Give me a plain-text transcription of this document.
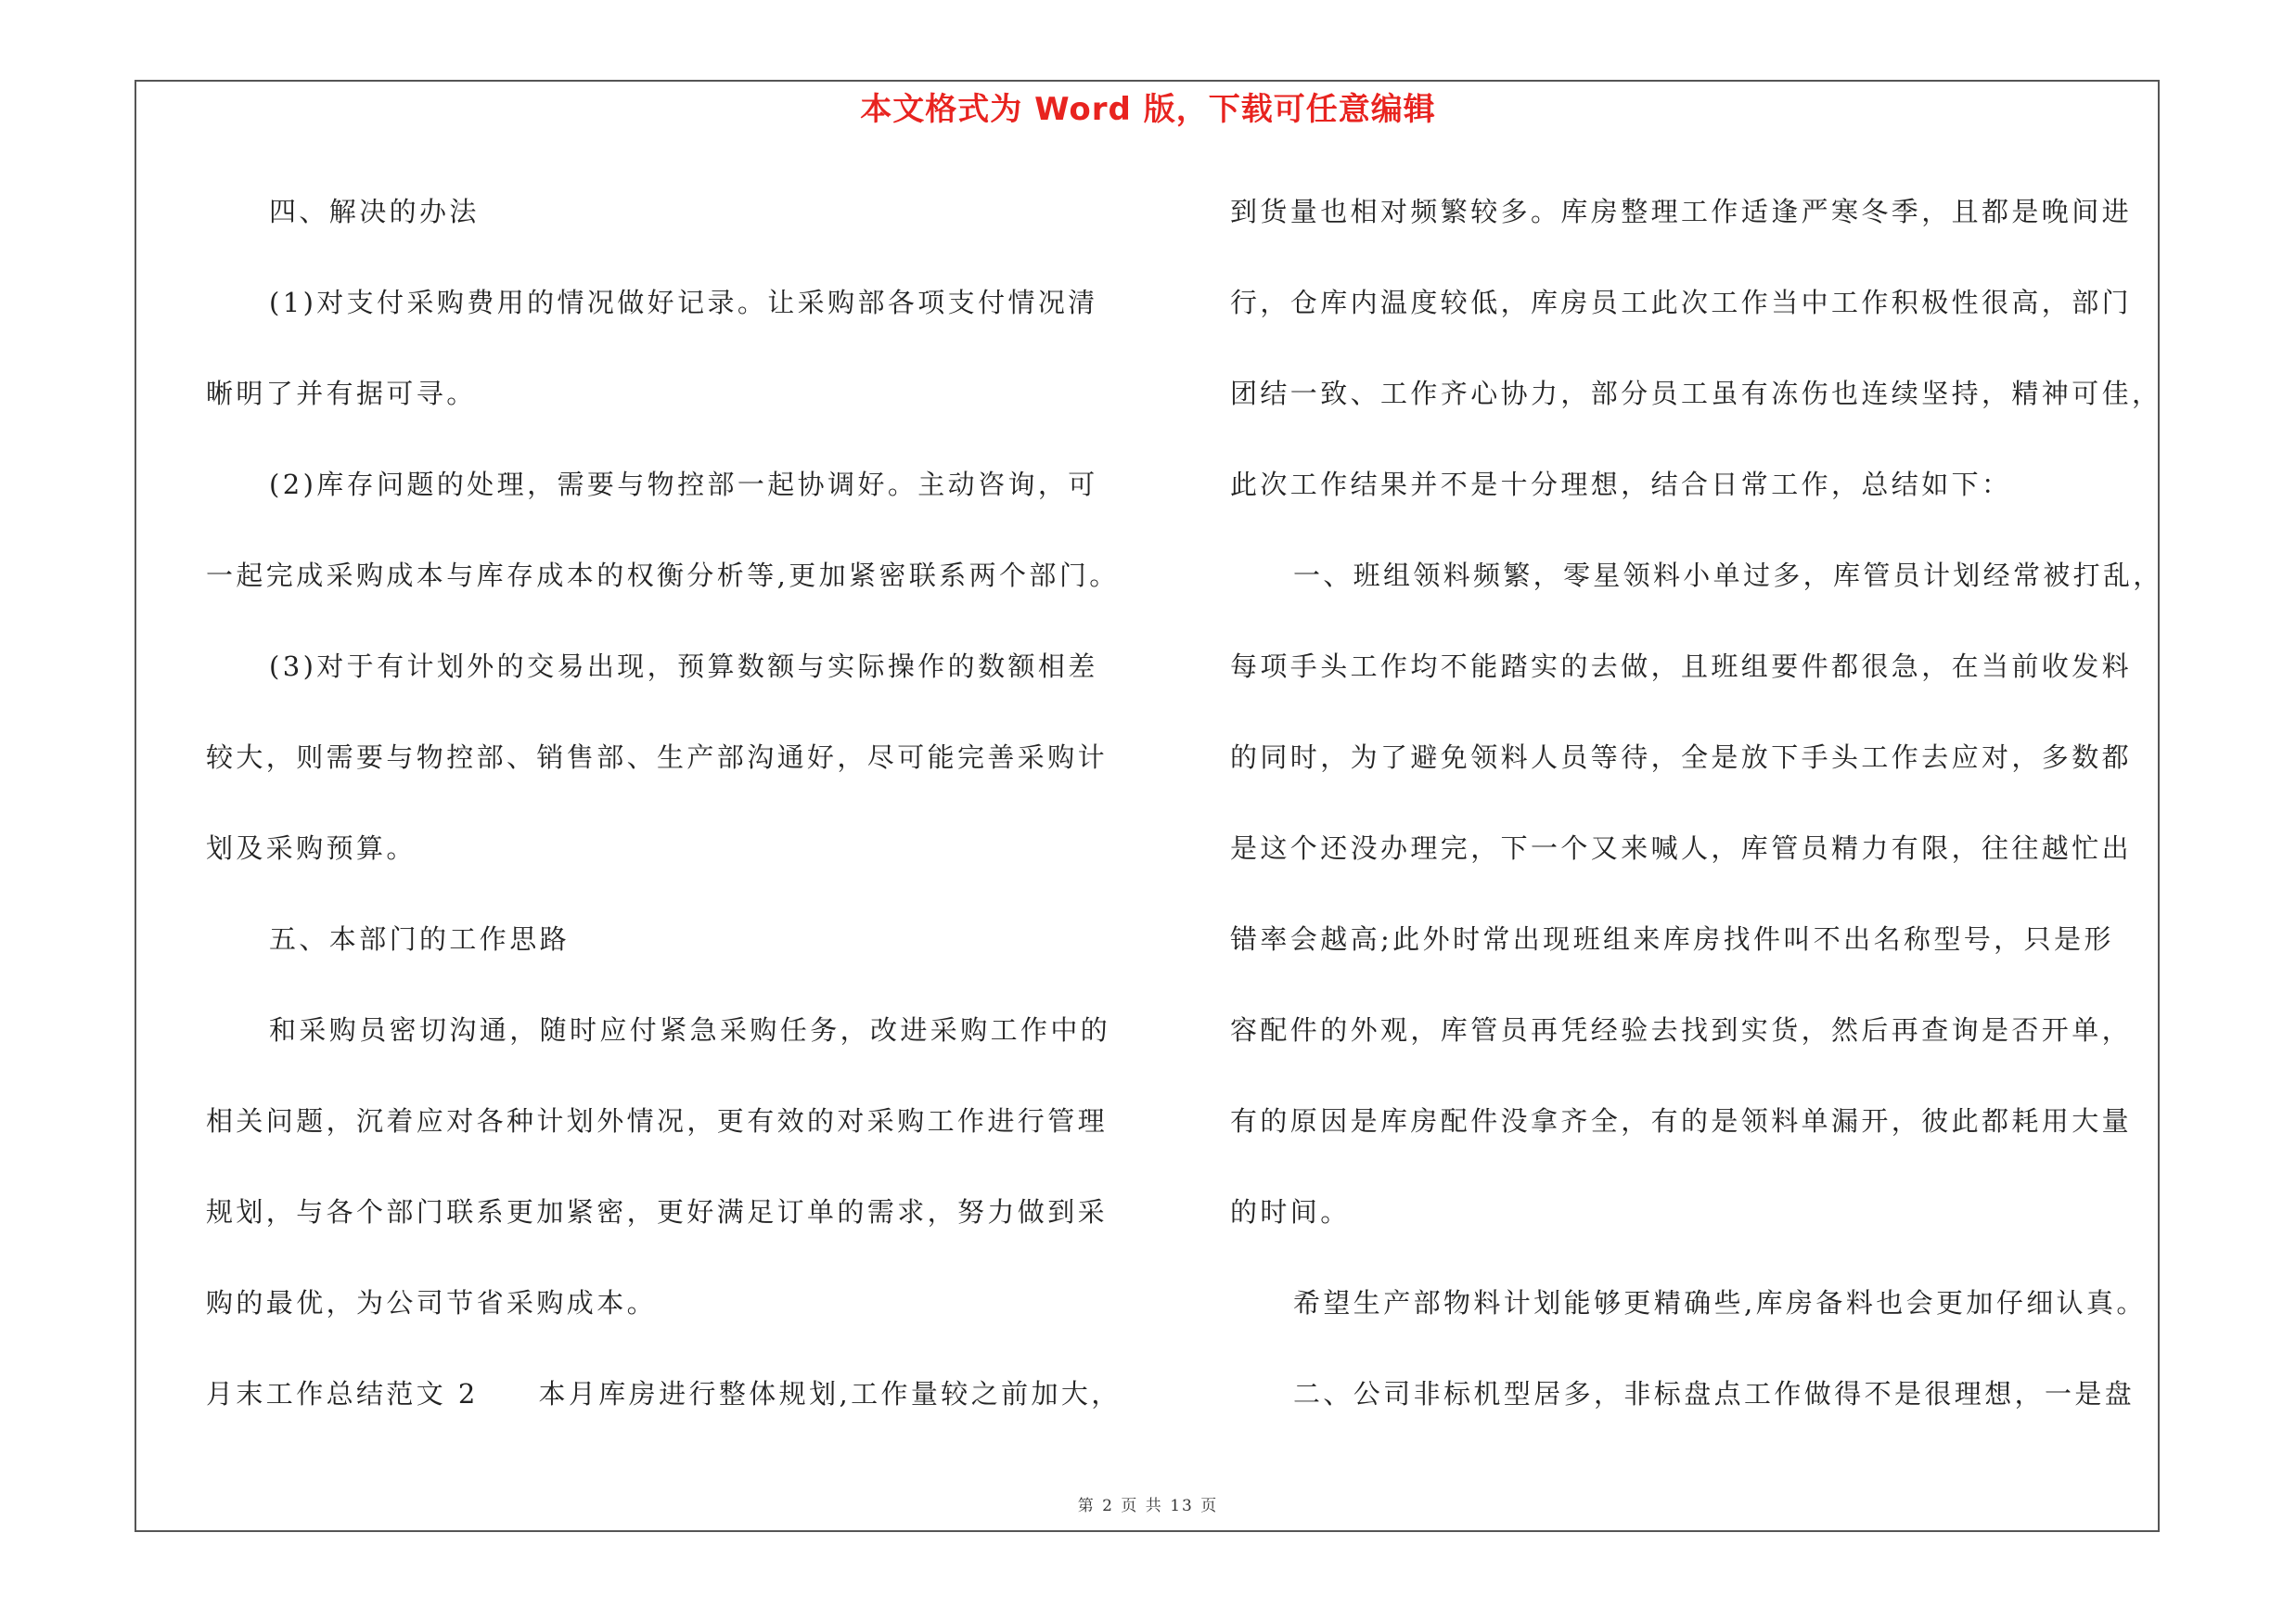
本文格式为 Word 版，下载可任意编辑
四、解决的办法
(1)对支付采购费用的情况做好记录。让采购部各项支付情况清
晰明了并有据可寻。
(2)库存问题的处理，需要与物控部一起协调好。主动咨询，可
一起完成采购成本与库存成本的权衡分析等,更加紧密联系两个部门。
(3)对于有计划外的交易出现，预算数额与实际操作的数额相差
较大，则需要与物控部、销售部、生产部沟通好，尽可能完善采购计
划及采购预算。
五、本部门的工作思路
和采购员密切沟通，随时应付紧急采购任务，改进采购工作中的
相关问题，沉着应对各种计划外情况，更有效的对采购工作进行管理
规划，与各个部门联系更加紧密，更好满足订单的需求，努力做到采
购的最优，为公司节省采购成本。
月末工作总结范文 2　　本月库房进行整体规划,工作量较之前加大，
到货量也相对频繁较多。库房整理工作适逢严寒冬季，且都是晚间进
行，仓库内温度较低，库房员工此次工作当中工作积极性很高，部门
团结一致、工作齐心协力，部分员工虽有冻伤也连续坚持，精神可佳，
此次工作结果并不是十分理想，结合日常工作，总结如下：
一、班组领料频繁，零星领料小单过多，库管员计划经常被打乱，
每项手头工作均不能踏实的去做，且班组要件都很急，在当前收发料
的同时，为了避免领料人员等待，全是放下手头工作去应对，多数都
是这个还没办理完，下一个又来喊人，库管员精力有限，往往越忙出
错率会越高;此外时常出现班组来库房找件叫不出名称型号，只是形
容配件的外观，库管员再凭经验去找到实货，然后再查询是否开单，
有的原因是库房配件没拿齐全，有的是领料单漏开，彼此都耗用大量
的时间。
希望生产部物料计划能够更精确些,库房备料也会更加仔细认真。
二、公司非标机型居多，非标盘点工作做得不是很理想，一是盘
第 2 页 共 13 页
